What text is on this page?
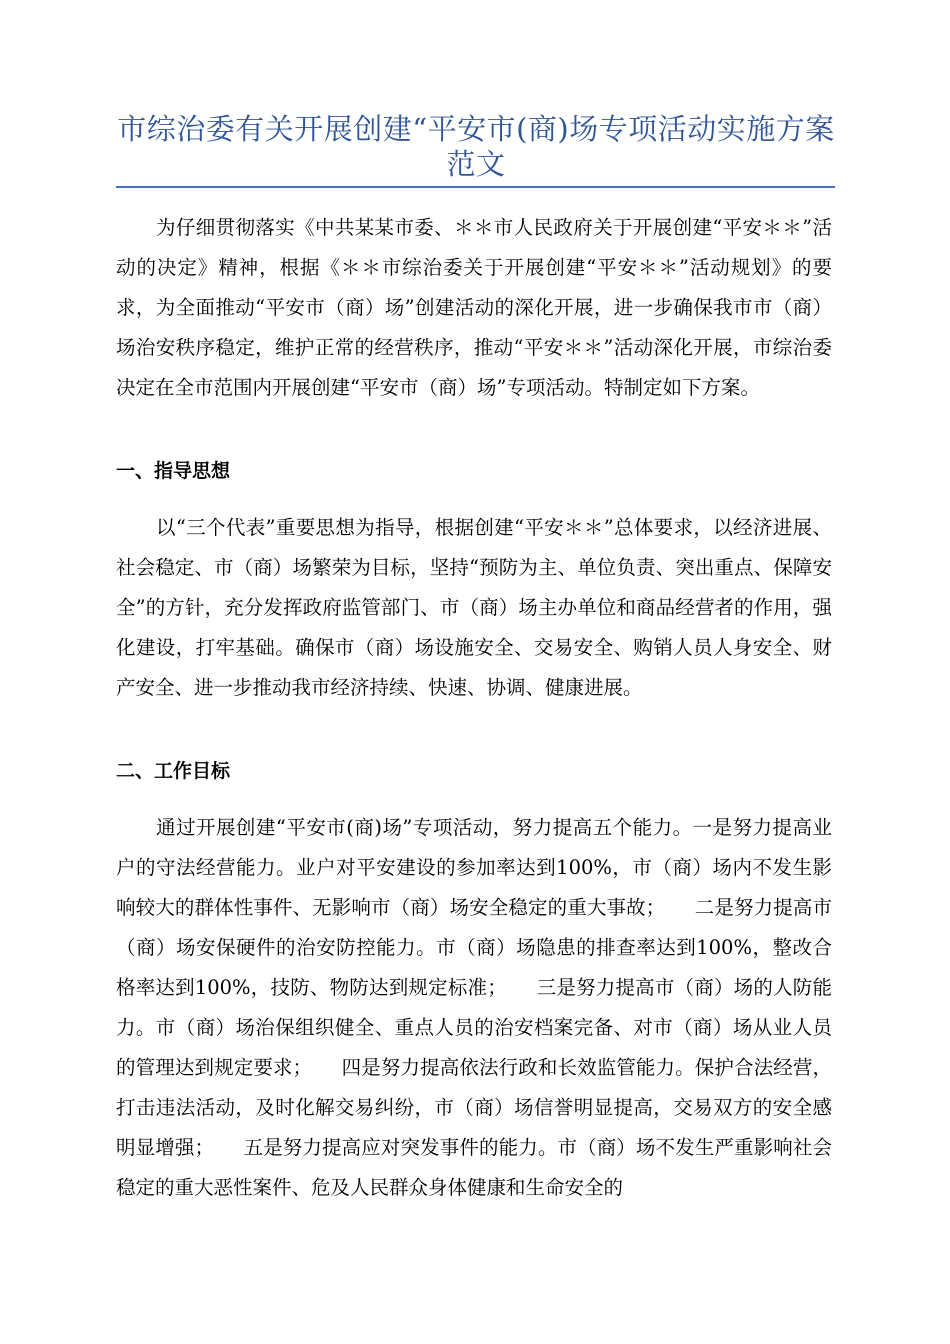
市综治委有关开展创建“平安市(商)场专项活动实施方案范文

为仔细贯彻落实《中共某某市委、＊＊市人民政府关于开展创建“平安＊＊”活动的决定》精神，根据《＊＊市综治委关于开展创建“平安＊＊”活动规划》的要求，为全面推动“平安市（商）场”创建活动的深化开展，进一步确保我市市（商）场治安秩序稳定，维护正常的经营秩序，推动“平安＊＊”活动深化开展，市综治委决定在全市范围内开展创建“平安市（商）场”专项活动。特制定如下方案。

一、指导思想

以“三个代表”重要思想为指导，根据创建“平安＊＊”总体要求，以经济进展、社会稳定、市（商）场繁荣为目标，坚持“预防为主、单位负责、突出重点、保障安全”的方针，充分发挥政府监管部门、市（商）场主办单位和商品经营者的作用，强化建设，打牢基础。确保市（商）场设施安全、交易安全、购销人员人身安全、财产安全、进一步推动我市经济持续、快速、协调、健康进展。

二、工作目标

通过开展创建“平安市(商)场”专项活动，努力提高五个能力。一是努力提高业户的守法经营能力。业户对平安建设的参加率达到100%，市（商）场内不发生影响较大的群体性事件、无影响市（商）场安全稳定的重大事故；　　二是努力提高市（商）场安保硬件的治安防控能力。市（商）场隐患的排查率达到100%，整改合格率达到100%，技防、物防达到规定标准；　　三是努力提高市（商）场的人防能力。市（商）场治保组织健全、重点人员的治安档案完备、对市（商）场从业人员的管理达到规定要求；　　四是努力提高依法行政和长效监管能力。保护合法经营，打击违法活动，及时化解交易纠纷，市（商）场信誉明显提高，交易双方的安全感明显增强；　　五是努力提高应对突发事件的能力。市（商）场不发生严重影响社会稳定的重大恶性案件、危及人民群众身体健康和生命安全的
